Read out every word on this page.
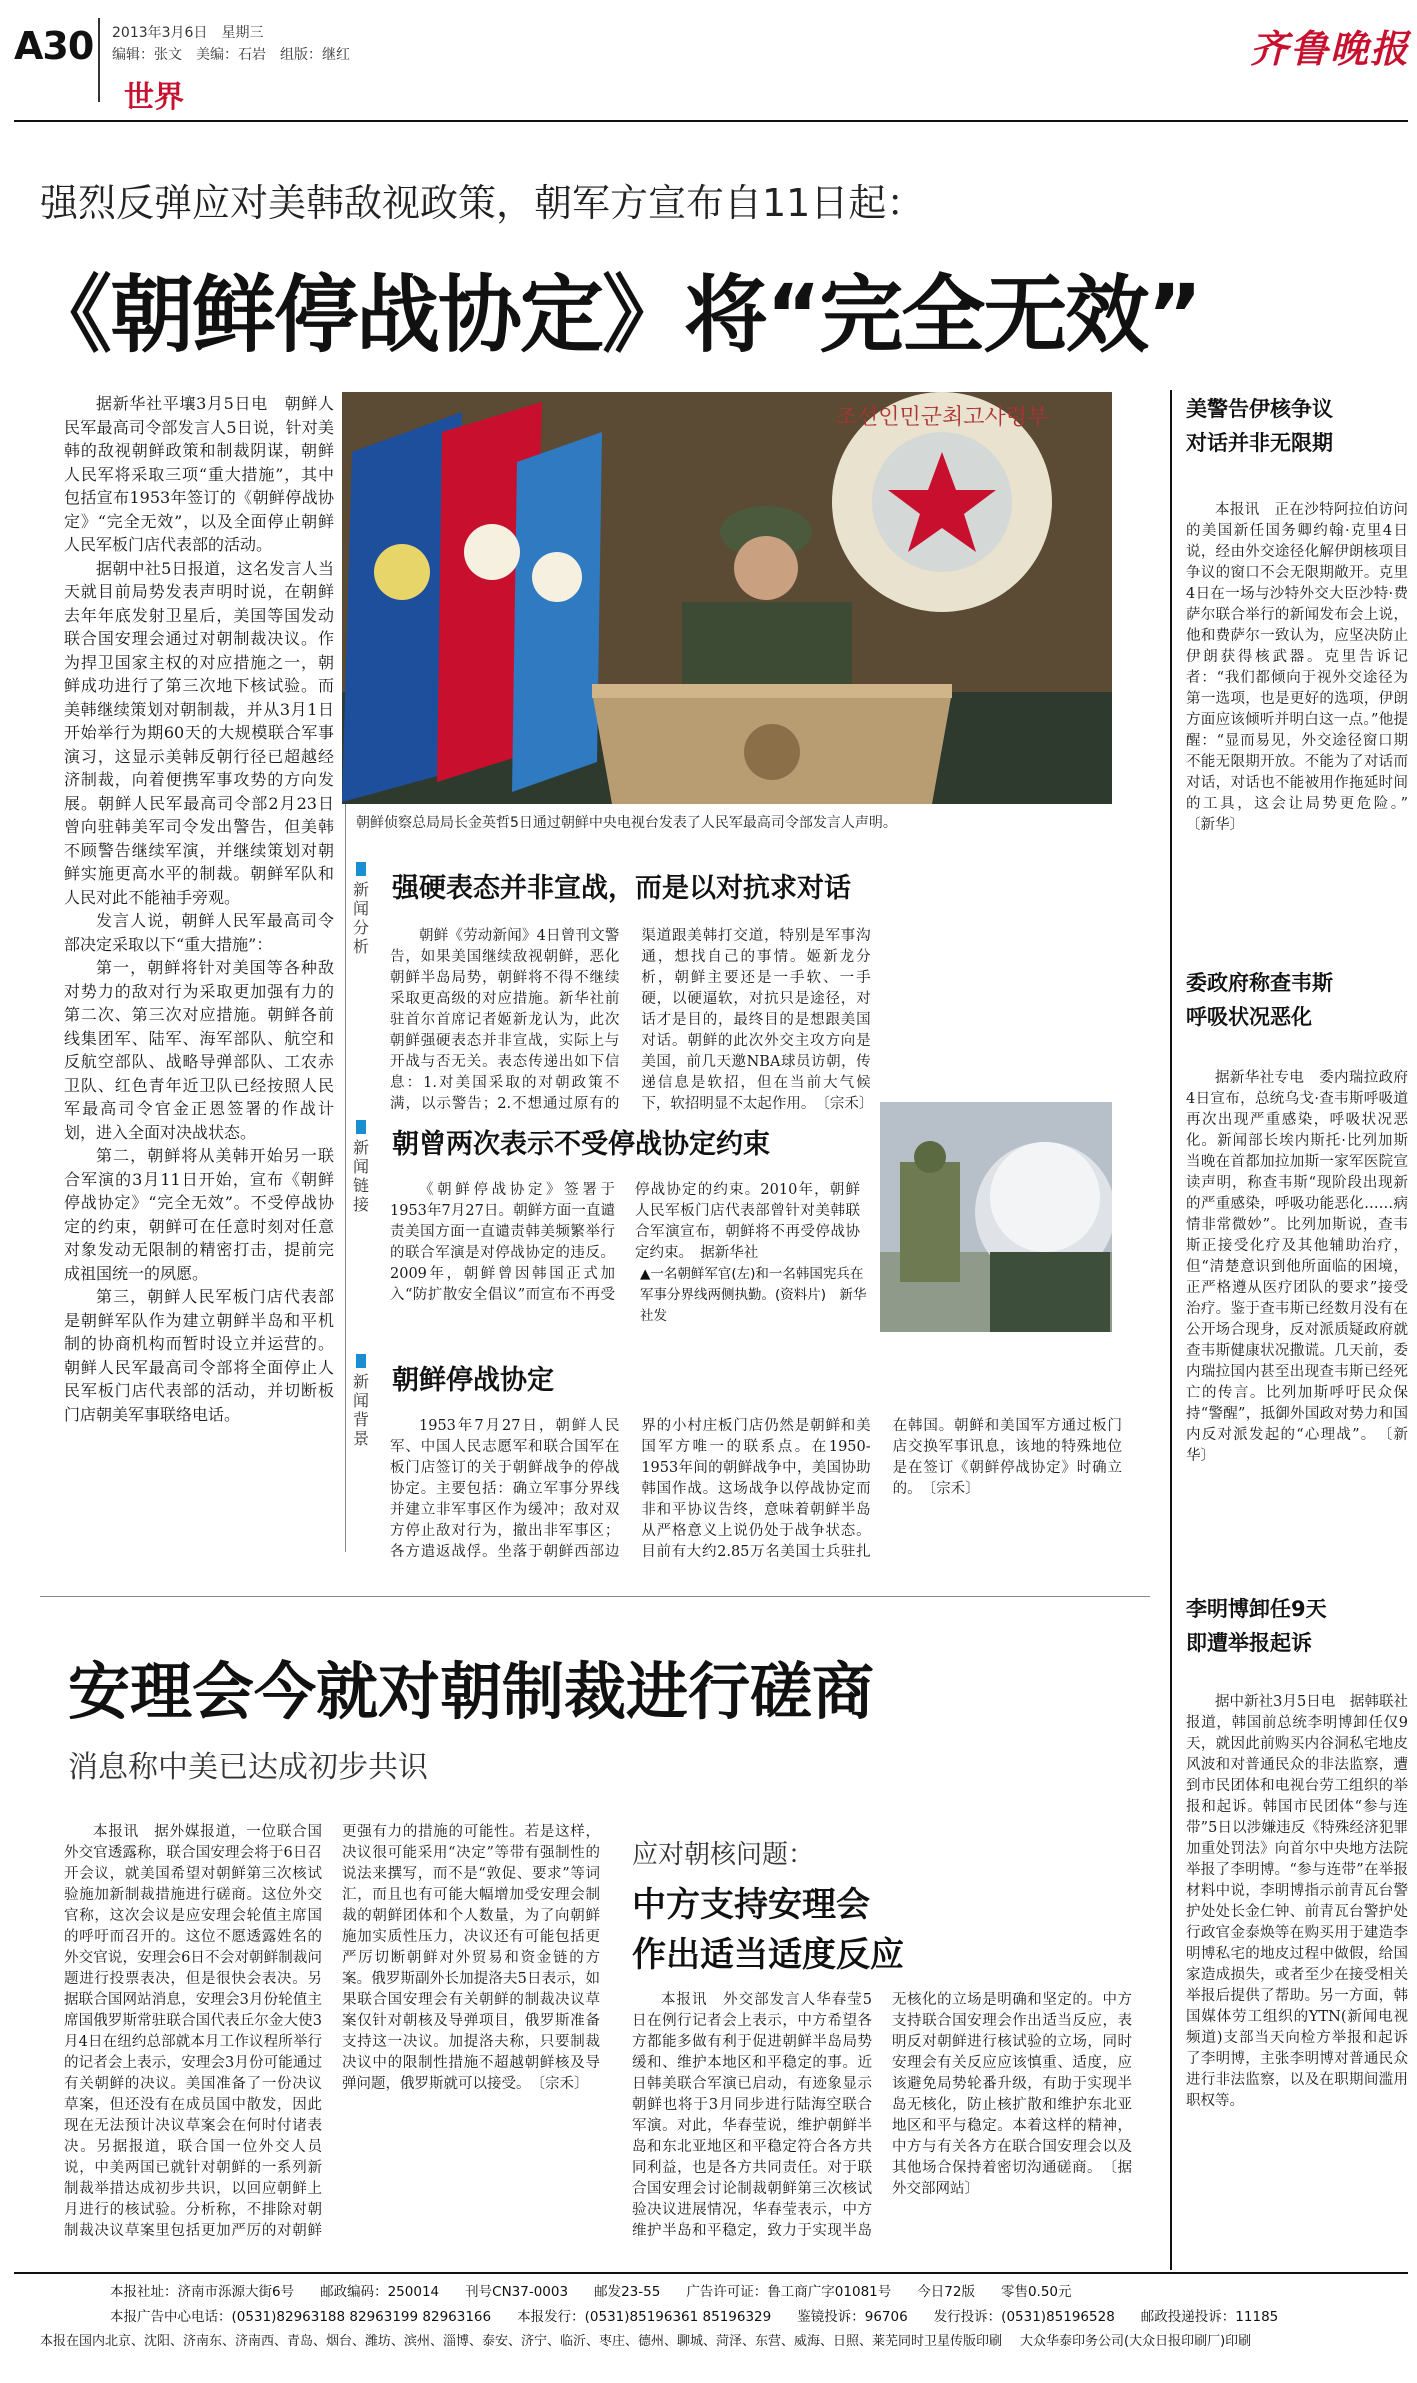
A30 2013年3月6日　星期三
编辑：张文　美编：石岩　组版：继红
世界
齐鲁晚报
强烈反弹应对美韩敌视政策，朝军方宣布自11日起：
《朝鲜停战协定》将“完全无效”

据新华社平壤3月5日电　朝鲜人民军最高司令部发言人5日说，针对美韩的敌视朝鲜政策和制裁阴谋，朝鲜人民军将采取三项“重大措施”，其中包括宣布1953年签订的《朝鲜停战协定》“完全无效”，以及全面停止朝鲜人民军板门店代表部的活动。

据朝中社5日报道，这名发言人当天就目前局势发表声明时说，在朝鲜去年年底发射卫星后，美国等国发动联合国安理会通过对朝制裁决议。作为捍卫国家主权的对应措施之一，朝鲜成功进行了第三次地下核试验。而美韩继续策划对朝制裁，并从3月1日开始举行为期60天的大规模联合军事演习，这显示美韩反朝行径已超越经济制裁，向着便携军事攻势的方向发展。朝鲜人民军最高司令部2月23日曾向驻韩美军司令发出警告，但美韩不顾警告继续军演，并继续策划对朝鲜实施更高水平的制裁。朝鲜军队和人民对此不能袖手旁观。

发言人说，朝鲜人民军最高司令部决定采取以下“重大措施”：

第一，朝鲜将针对美国等各种敌对势力的敌对行为采取更加强有力的第二次、第三次对应措施。朝鲜各前线集团军、陆军、海军部队、航空和反航空部队、战略导弹部队、工农赤卫队、红色青年近卫队已经按照人民军最高司令官金正恩签署的作战计划，进入全面对决战状态。

第二，朝鲜将从美韩开始另一联合军演的3月11日开始，宣布《朝鲜停战协定》“完全无效”。不受停战协定的约束，朝鲜可在任意时刻对任意对象发动无限制的精密打击，提前完成祖国统一的夙愿。

第三，朝鲜人民军板门店代表部是朝鲜军队作为建立朝鲜半岛和平机制的协商机构而暂时设立并运营的。朝鲜人民军最高司令部将全面停止人民军板门店代表部的活动，并切断板门店朝美军事联络电话。

조선인민군최고사령부
朝鲜侦察总局局长金英哲5日通过朝鲜中央电视台发表了人民军最高司令部发言人声明。
新闻分析
强硬表态并非宣战，而是以对抗求对话
朝鲜《劳动新闻》4日曾刊文警告，如果美国继续敌视朝鲜，恶化朝鲜半岛局势，朝鲜将不得不继续采取更高级的对应措施。新华社前驻首尔首席记者姬新龙认为，此次朝鲜强硬表态并非宣战，实际上与开战与否无关。表态传递出如下信息：1.对美国采取的对朝政策不满，以示警告；2.不想通过原有的渠道跟美韩打交道，特别是军事沟通，想找自己的事情。姬新龙分析，朝鲜主要还是一手软、一手硬，以硬逼软，对抗只是途径，对话才是目的，最终目的是想跟美国对话。朝鲜的此次外交主攻方向是美国，前几天邀NBA球员访朝，传递信息是软招，但在当前大气候下，软招明显不太起作用。　〔宗禾〕
新闻链接
朝曾两次表示不受停战协定约束
《朝鲜停战协定》签署于1953年7月27日。朝鲜方面一直谴责美国方面一直谴责韩美频繁举行的联合军演是对停战协定的违反。2009年，朝鲜曾因韩国正式加入“防扩散安全倡议”而宣布不再受停战协定的约束。2010年，朝鲜人民军板门店代表部曾针对美韩联合军演宣布，朝鲜将不再受停战协定约束。　据新华社
▲一名朝鲜军官(左)和一名韩国宪兵在军事分界线两侧执勤。(资料片)　新华社发
新闻背景
朝鲜停战协定
1953年7月27日，朝鲜人民军、中国人民志愿军和联合国军在板门店签订的关于朝鲜战争的停战协定。主要包括：确立军事分界线并建立非军事区作为缓冲；敌对双方停止敌对行为，撤出非军事区；各方遣返战俘。坐落于朝鲜西部边界的小村庄板门店仍然是朝鲜和美国军方唯一的联系点。在1950-1953年间的朝鲜战争中，美国协助韩国作战。这场战争以停战协定而非和平协议告终，意味着朝鲜半岛从严格意义上说仍处于战争状态。目前有大约2.85万名美国士兵驻扎在韩国。朝鲜和美国军方通过板门店交换军事讯息，该地的特殊地位是在签订《朝鲜停战协定》时确立的。　〔宗禾〕
美警告伊核争议
对话并非无限期
本报讯　正在沙特阿拉伯访问的美国新任国务卿约翰·克里4日说，经由外交途径化解伊朗核项目争议的窗口不会无限期敞开。克里4日在一场与沙特外交大臣沙特·费萨尔联合举行的新闻发布会上说，他和费萨尔一致认为，应坚决防止伊朗获得核武器。克里告诉记者：“我们都倾向于视外交途径为第一选项，也是更好的选项，伊朗方面应该倾听并明白这一点。”他提醒：“显而易见，外交途径窗口期不能无限期开放。不能为了对话而对话，对话也不能被用作拖延时间的工具，这会让局势更危险。”　〔新华〕
委政府称查韦斯
呼吸状况恶化
据新华社专电　委内瑞拉政府4日宣布，总统乌戈·查韦斯呼吸道再次出现严重感染，呼吸状况恶化。新闻部长埃内斯托·比列加斯当晚在首都加拉加斯一家军医院宣读声明，称查韦斯“现阶段出现新的严重感染，呼吸功能恶化……病情非常微妙”。比列加斯说，查韦斯正接受化疗及其他辅助治疗，但“清楚意识到他所面临的困境，正严格遵从医疗团队的要求”接受治疗。鉴于查韦斯已经数月没有在公开场合现身，反对派质疑政府就查韦斯健康状况撒谎。几天前，委内瑞拉国内甚至出现查韦斯已经死亡的传言。比列加斯呼吁民众保持“警醒”，抵御外国政对势力和国内反对派发起的“心理战”。　〔新华〕
李明博卸任9天
即遭举报起诉
据中新社3月5日电　据韩联社报道，韩国前总统李明博卸任仅9天，就因此前购买内谷洞私宅地皮风波和对普通民众的非法监察，遭到市民团体和电视台劳工组织的举报和起诉。韩国市民团体“参与连带”5日以涉嫌违反《特殊经济犯罪加重处罚法》向首尔中央地方法院举报了李明博。“参与连带”在举报材料中说，李明博指示前青瓦台警护处处长金仁钟、前青瓦台警护处行政官金泰焕等在购买用于建造李明博私宅的地皮过程中做假，给国家造成损失，或者至少在接受相关举报后提供了帮助。另一方面，韩国媒体劳工组织的YTN(新闻电视频道)支部当天向检方举报和起诉了李明博，主张李明博对普通民众进行非法监察，以及在职期间滥用职权等。
安理会今就对朝制裁进行磋商
消息称中美已达成初步共识
本报讯　据外媒报道，一位联合国外交官透露称，联合国安理会将于6日召开会议，就美国希望对朝鲜第三次核试验施加新制裁措施进行磋商。这位外交官称，这次会议是应安理会轮值主席国的呼吁而召开的。这位不愿透露姓名的外交官说，安理会6日不会对朝鲜制裁问题进行投票表决，但是很快会表决。另据联合国网站消息，安理会3月份轮值主席国俄罗斯常驻联合国代表丘尔金大使3月4日在纽约总部就本月工作议程所举行的记者会上表示，安理会3月份可能通过有关朝鲜的决议。美国准备了一份决议草案，但还没有在成员国中散发，因此现在无法预计决议草案会在何时付诸表决。另据报道，联合国一位外交人员说，中美两国已就针对朝鲜的一系列新制裁举措达成初步共识，以回应朝鲜上月进行的核试验。分析称，不排除对朝制裁决议草案里包括更加严厉的对朝鲜更强有力的措施的可能性。若是这样，决议很可能采用“决定”等带有强制性的说法来撰写，而不是“敦促、要求”等词汇，而且也有可能大幅增加受安理会制裁的朝鲜团体和个人数量，为了向朝鲜施加实质性压力，决议还有可能包括更严厉切断朝鲜对外贸易和资金链的方案。俄罗斯副外长加提洛夫5日表示，如果联合国安理会有关朝鲜的制裁决议草案仅针对朝核及导弹项目，俄罗斯准备支持这一决议。加提洛夫称，只要制裁决议中的限制性措施不超越朝鲜核及导弹问题，俄罗斯就可以接受。　〔宗禾〕
应对朝核问题：
中方支持安理会
作出适当适度反应
本报讯　外交部发言人华春莹5日在例行记者会上表示，中方希望各方都能多做有利于促进朝鲜半岛局势缓和、维护本地区和平稳定的事。近日韩美联合军演已启动，有迹象显示朝鲜也将于3月同步进行陆海空联合军演。对此，华春莹说，维护朝鲜半岛和东北亚地区和平稳定符合各方共同利益，也是各方共同责任。对于联合国安理会讨论制裁朝鲜第三次核试验决议进展情况，华春莹表示，中方维护半岛和平稳定，致力于实现半岛无核化的立场是明确和坚定的。中方支持联合国安理会作出适当反应，表明反对朝鲜进行核试验的立场，同时安理会有关反应应该慎重、适度，应该避免局势轮番升级，有助于实现半岛无核化，防止核扩散和维护东北亚地区和平与稳定。本着这样的精神，中方与有关各方在联合国安理会以及其他场合保持着密切沟通磋商。　〔据外交部网站〕
本报社址：济南市泺源大街6号 邮政编码：250014 刊号CN37-0003 邮发23-55 广告许可证：鲁工商广字01081号 今日72版 零售0.50元
本报广告中心电话：(0531)82963188 82963199 82963166 本报发行：(0531)85196361 85196329 鉴镜投诉：96706 发行投诉：(0531)85196528 邮政投递投诉：11185
本报在国内北京、沈阳、济南东、济南西、青岛、烟台、潍坊、滨州、淄博、泰安、济宁、临沂、枣庄、德州、聊城、菏泽、东营、威海、日照、莱芜同时卫星传版印刷 大众华泰印务公司(大众日报印刷厂)印刷
